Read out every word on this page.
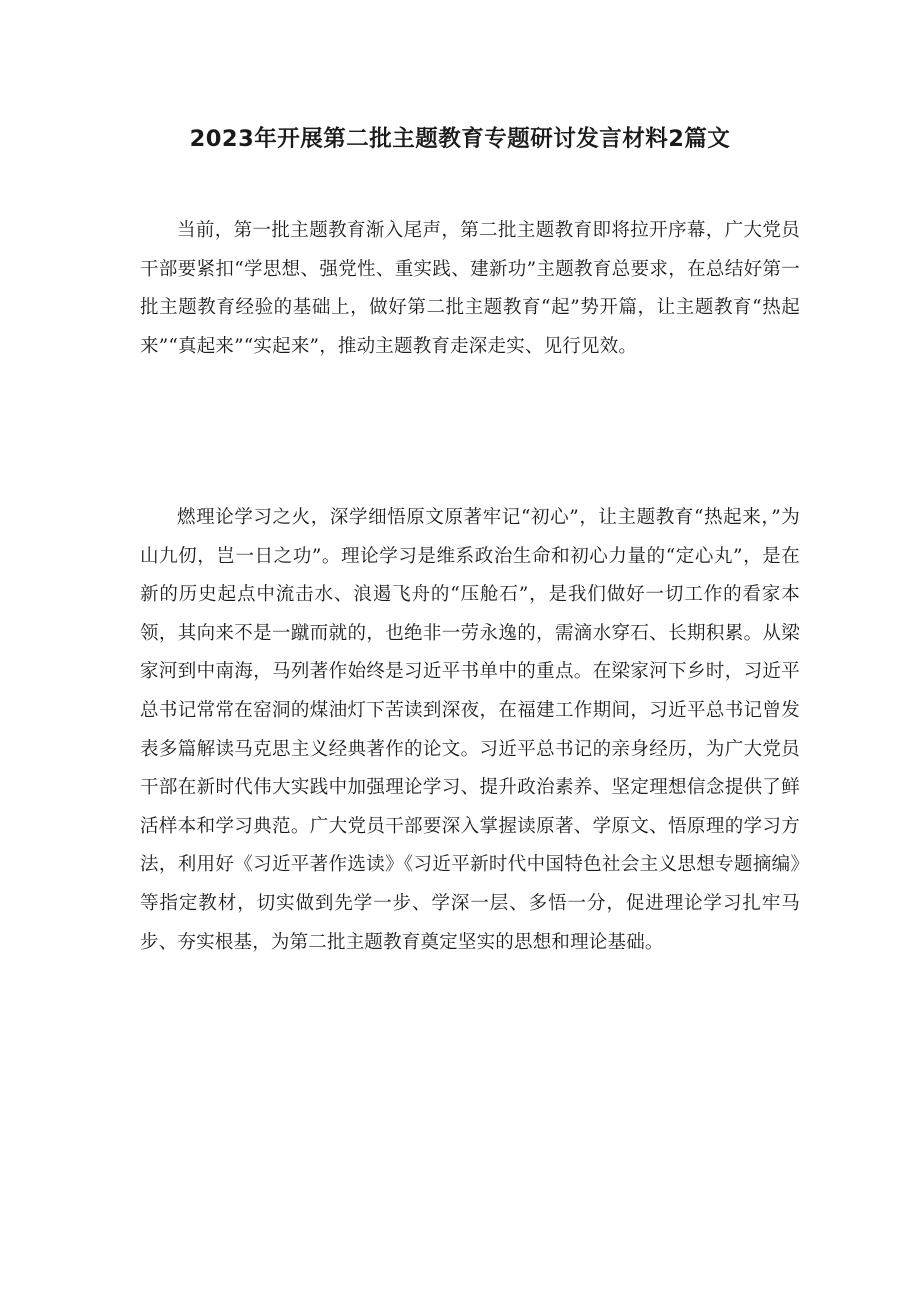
2023年开展第二批主题教育专题研讨发言材料2篇文

当前，第一批主题教育渐入尾声，第二批主题教育即将拉开序幕，广大党员干部要紧扣“学思想、强党性、重实践、建新功”主题教育总要求，在总结好第一批主题教育经验的基础上，做好第二批主题教育“起”势开篇，让主题教育“热起来”“真起来”“实起来”，推动主题教育走深走实、见行见效。

燃理论学习之火，深学细悟原文原著牢记“初心”，让主题教育“热起来，”为山九仞，岂一日之功”。理论学习是维系政治生命和初心力量的“定心丸”，是在新的历史起点中流击水、浪遏飞舟的“压舱石”，是我们做好一切工作的看家本领，其向来不是一蹴而就的，也绝非一劳永逸的，需滴水穿石、长期积累。从梁家河到中南海，马列著作始终是习近平书单中的重点。在梁家河下乡时，习近平总书记常常在窑洞的煤油灯下苦读到深夜，在福建工作期间，习近平总书记曾发表多篇解读马克思主义经典著作的论文。习近平总书记的亲身经历，为广大党员干部在新时代伟大实践中加强理论学习、提升政治素养、坚定理想信念提供了鲜活样本和学习典范。广大党员干部要深入掌握读原著、学原文、悟原理的学习方法，利用好《习近平著作选读》《习近平新时代中国特色社会主义思想专题摘编》等指定教材，切实做到先学一步、学深一层、多悟一分，促进理论学习扎牢马步、夯实根基，为第二批主题教育奠定坚实的思想和理论基础。
